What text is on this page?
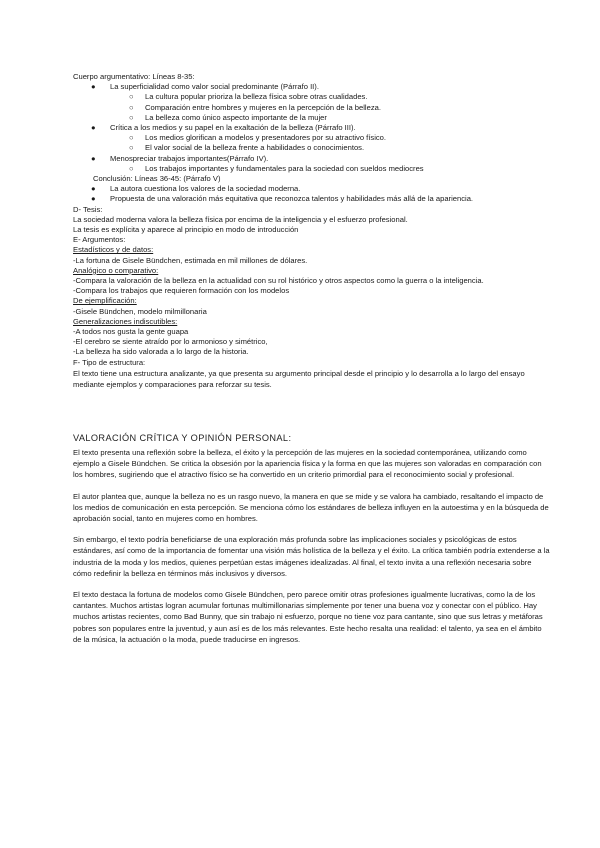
Cuerpo argumentativo: Líneas 8-35:
● La superficialidad como valor social predominante (Párrafo II).
○ La cultura popular prioriza la belleza física sobre otras cualidades.
○ Comparación entre hombres y mujeres en la percepción de la belleza.
○ La belleza como único aspecto importante de la mujer
● Crítica a los medios y su papel en la exaltación de la belleza (Párrafo III).
○ Los medios glorifican a modelos y presentadores por su atractivo físico.
○ El valor social de la belleza frente a habilidades o conocimientos.
● Menospreciar trabajos importantes(Párrafo IV).
○ Los trabajos importantes y fundamentales para la sociedad con sueldos mediocres
Conclusión: Líneas 36-45: (Párrafo V)
● La autora cuestiona los valores de la sociedad moderna.
● Propuesta de una valoración más equitativa que reconozca talentos y habilidades más allá de la apariencia.
D- Tesis:
La sociedad moderna valora la belleza física por encima de la inteligencia y el esfuerzo profesional.
La tesis es explícita y aparece al principio en modo de introducción
E- Argumentos:
Estadísticos y de datos:
-La fortuna de Gisele Bündchen, estimada en mil millones de dólares.
Analógico o comparativo:
-Compara la valoración de la belleza en la actualidad con su rol histórico y otros aspectos como la guerra o la inteligencia.
-Compara los trabajos que requieren formación con los modelos
De ejemplificación:
-Gisele Bündchen, modelo milmillonaria
Generalizaciones indiscutibles:
-A todos nos gusta la gente guapa
-El cerebro se siente atraído por lo armonioso y simétrico,
-La belleza ha sido valorada a lo largo de la historia.
F- Tipo de estructura:
El texto tiene una estructura analizante, ya que presenta su argumento principal desde el principio y lo desarrolla a lo largo del ensayo mediante ejemplos y comparaciones para reforzar su tesis.
VALORACIÓN CRÍTICA Y OPINIÓN PERSONAL:

El texto presenta una reflexión sobre la belleza, el éxito y la percepción de las mujeres en la sociedad contemporánea, utilizando como ejemplo a Gisele Bündchen. Se critica la obsesión por la apariencia física y la forma en que las mujeres son valoradas en comparación con los hombres, sugiriendo que el atractivo físico se ha convertido en un criterio primordial para el reconocimiento social y profesional.

El autor plantea que, aunque la belleza no es un rasgo nuevo, la manera en que se mide y se valora ha cambiado, resaltando el impacto de los medios de comunicación en esta percepción. Se menciona cómo los estándares de belleza influyen en la autoestima y en la búsqueda de aprobación social, tanto en mujeres como en hombres.

Sin embargo, el texto podría beneficiarse de una exploración más profunda sobre las implicaciones sociales y psicológicas de estos estándares, así como de la importancia de fomentar una visión más holística de la belleza y el éxito. La crítica también podría extenderse a la industria de la moda y los medios, quienes perpetúan estas imágenes idealizadas. Al final, el texto invita a una reflexión necesaria sobre cómo redefinir la belleza en términos más inclusivos y diversos.

El texto destaca la fortuna de modelos como Gisele Bündchen, pero parece omitir otras profesiones igualmente lucrativas, como la de los cantantes. Muchos artistas logran acumular fortunas multimillonarias simplemente por tener una buena voz y conectar con el público. Hay muchos artistas recientes, como Bad Bunny, que sin trabajo ni esfuerzo, porque no tiene voz para cantante, sino que sus letras y metáforas pobres son populares entre la juventud, y aun así es de los más relevantes. Este hecho resalta una realidad: el talento, ya sea en el ámbito de la música, la actuación o la moda, puede traducirse en ingresos.
